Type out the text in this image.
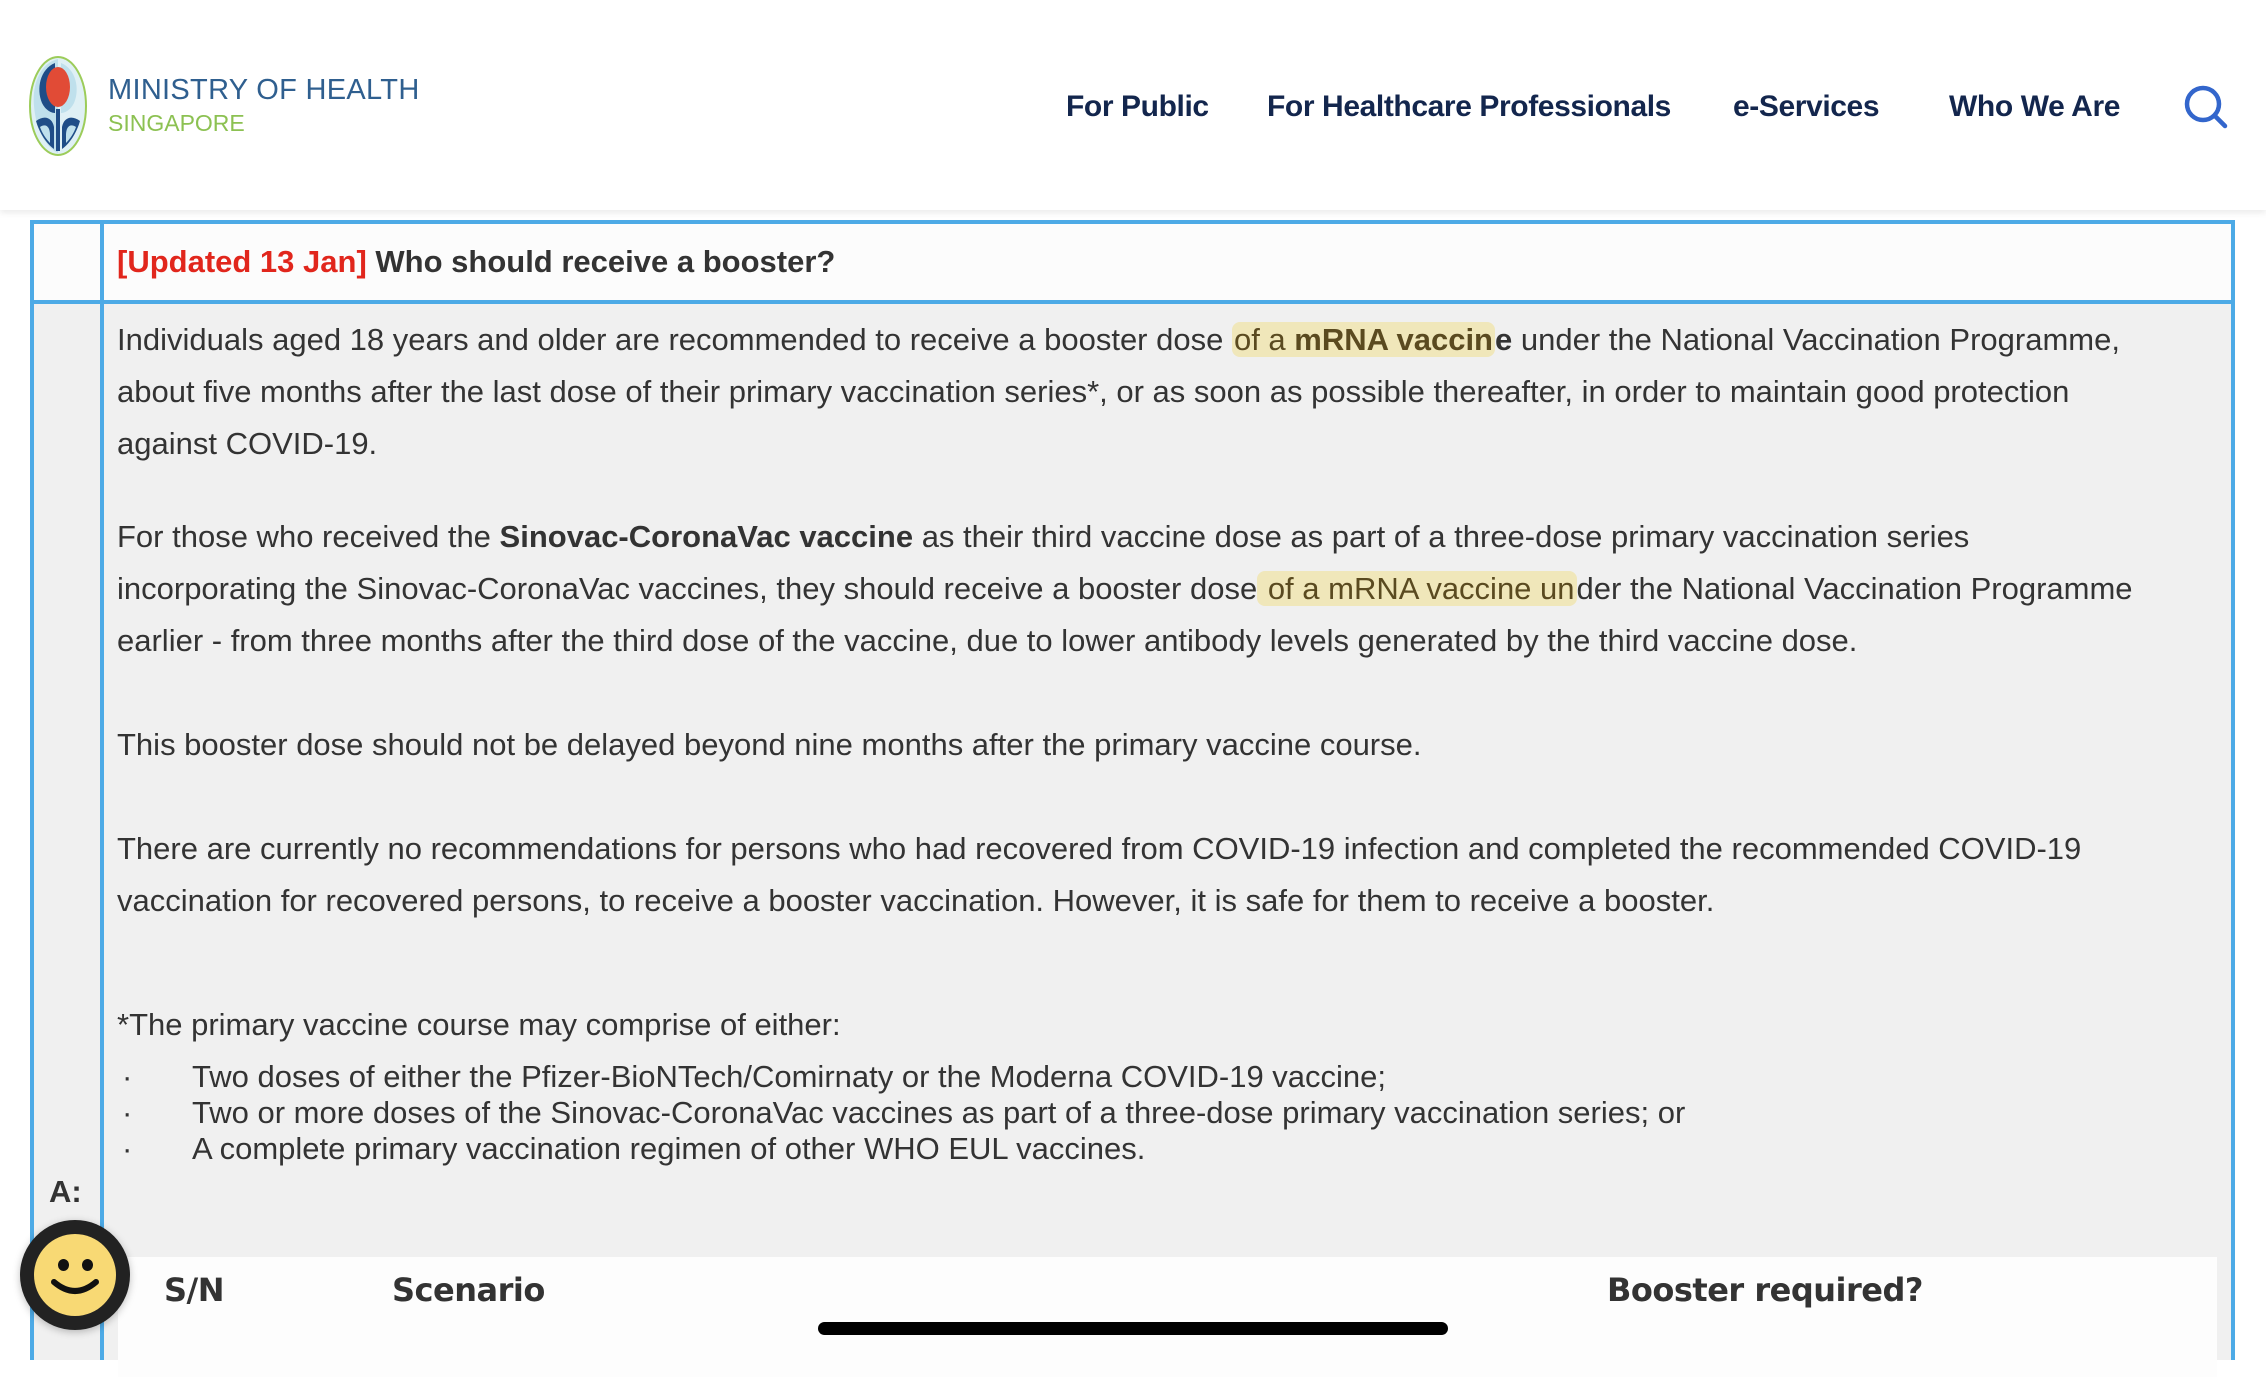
MINISTRY OF HEALTH
SINGAPORE	For Public For Healthcare Professionals e-Services Who We Are
[Updated 13 Jan] Who should receive a booster?
A:
Individuals aged 18 years and older are recommended to receive a booster dose of a mRNA vaccine under the National Vaccination Programme,
about five months after the last dose of their primary vaccination series*, or as soon as possible thereafter, in order to maintain good protection
against COVID-19.
For those who received the Sinovac-CoronaVac vaccine as their third vaccine dose as part of a three-dose primary vaccination series
incorporating the Sinovac-CoronaVac vaccines, they should receive a booster dose of a mRNA vaccine under the National Vaccination Programme
earlier - from three months after the third dose of the vaccine, due to lower antibody levels generated by the third vaccine dose.
This booster dose should not be delayed beyond nine months after the primary vaccine course.
There are currently no recommendations for persons who had recovered from COVID-19 infection and completed the recommended COVID-19
vaccination for recovered persons, to receive a booster vaccination. However, it is safe for them to receive a booster.
*The primary vaccine course may comprise of either:
· Two doses of either the Pfizer-BioNTech/Comirnaty or the Moderna COVID-19 vaccine;
· Two or more doses of the Sinovac-CoronaVac vaccines as part of a three-dose primary vaccination series; or
· A complete primary vaccination regimen of other WHO EUL vaccines.
S/N	Scenario	Booster required?
